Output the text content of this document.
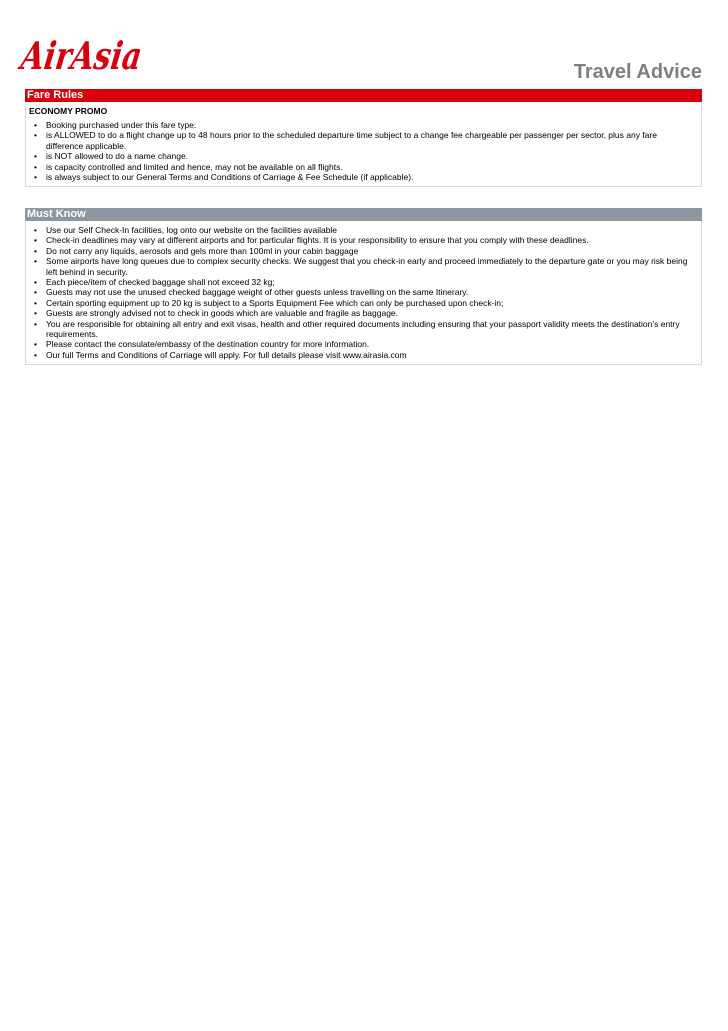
AirAsia	Travel Advice
Fare Rules
ECONOMY PROMO
• Booking purchased under this fare type:
• is ALLOWED to do a flight change up to 48 hours prior to the scheduled departure time subject to a change fee chargeable per passenger per sector, plus any fare difference applicable.
• is NOT allowed to do a name change.
• is capacity controlled and limited and hence, may not be available on all flights.
• is always subject to our General Terms and Conditions of Carriage & Fee Schedule (if applicable).
Must Know
• Use our Self Check-In facilities, log onto our website on the facilities available
• Check-in deadlines may vary at different airports and for particular flights. It is your responsibility to ensure that you comply with these deadlines.
• Do not carry any liquids, aerosols and gels more than 100ml in your cabin baggage
• Some airports have long queues due to complex security checks. We suggest that you check-in early and proceed immediately to the departure gate or you may risk being left behind in security.
• Each piece/item of checked baggage shall not exceed 32 kg;
• Guests may not use the unused checked baggage weight of other guests unless travelling on the same Itinerary.
• Certain sporting equipment up to 20 kg is subject to a Sports Equipment Fee which can only be purchased upon check-in;
• Guests are strongly advised not to check in goods which are valuable and fragile as baggage.
• You are responsible for obtaining all entry and exit visas, health and other required documents including ensuring that your passport validity meets the destination’s entry requirements.
• Please contact the consulate/embassy of the destination country for more information.
• Our full Terms and Conditions of Carriage will apply. For full details please visit www.airasia.com
